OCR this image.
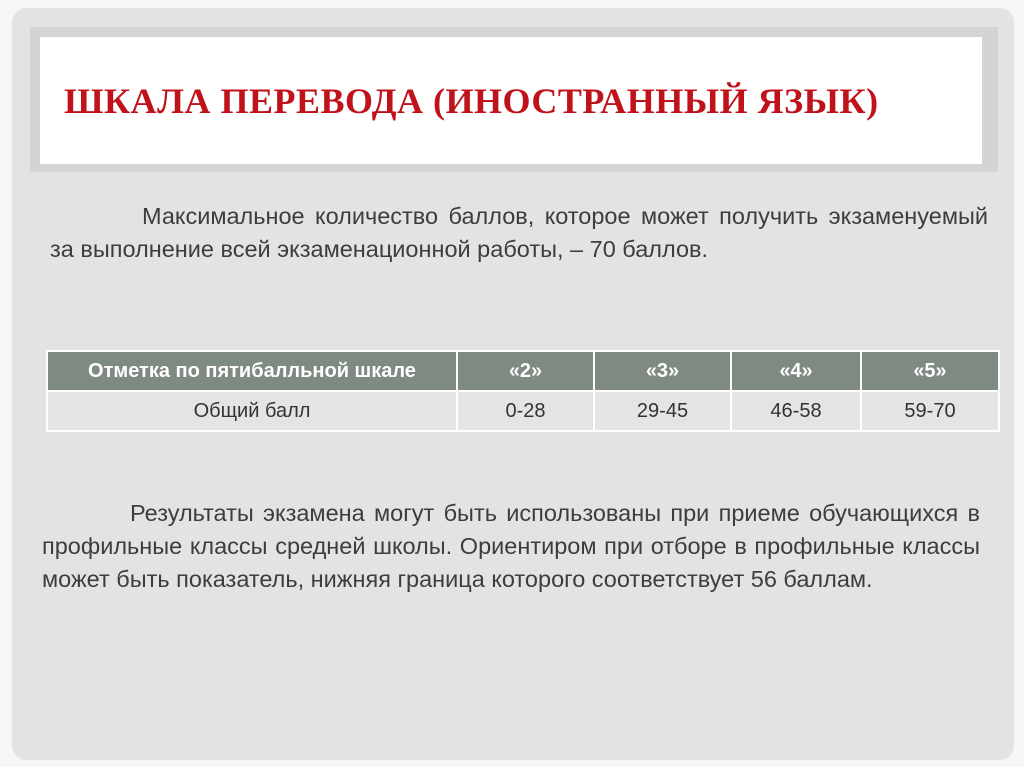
ШКАЛА ПЕРЕВОДА (ИНОСТРАННЫЙ ЯЗЫК)

Максимальное количество баллов, которое может получить экзаменуемый за выполнение всей экзаменационной работы, – 70 баллов.

Отметка по пятибалльной шкале	«2»	«3»	«4»	«5»
Общий балл	0-28	29-45	46-58	59-70

Результаты экзамена могут быть использованы при приеме обучающихся в профильные классы средней школы. Ориентиром при отборе в профильные классы может быть показатель, нижняя граница которого соответствует 56 баллам.
